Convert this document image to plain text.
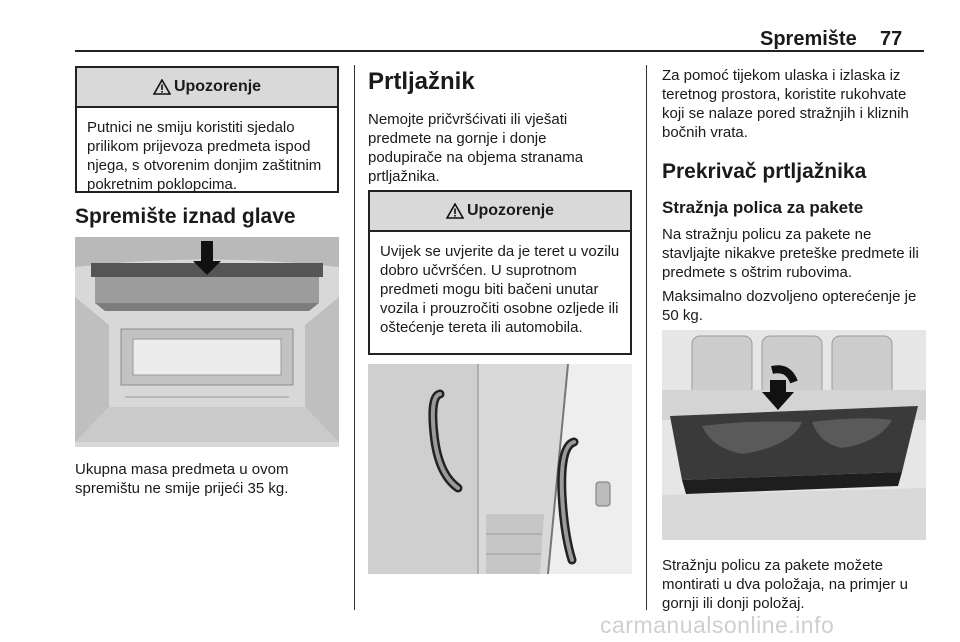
Spremište 77
Upozorenje
Putnici ne smiju koristiti sjedalo prilikom prijevoza predmeta ispod njega, s otvorenim donjim zaštitnim pokretnim poklopcima.
Spremište iznad glave
Ukupna masa predmeta u ovom spremištu ne smije prijeći 35 kg.
Prtljažnik
Nemojte pričvršćivati ili vješati predmete na gornje i donje podupirače na objema stranama prtljažnika.
Upozorenje
Uvijek se uvjerite da je teret u vozilu dobro učvršćen. U suprotnom predmeti mogu biti bačeni unutar vozila i prouzročiti osobne ozljede ili oštećenje tereta ili automobila.
Za pomoć tijekom ulaska i izlaska iz teretnog prostora, koristite rukohvate koji se nalaze pored stražnjih i kliznih bočnih vrata.
Prekrivač prtljažnika
Stražnja polica za pakete
Na stražnju policu za pakete ne stavljajte nikakve preteške predmete ili predmete s oštrim rubovima.
Maksimalno dozvoljeno opterećenje je 50 kg.
Stražnju policu za pakete možete montirati u dva položaja, na primjer u gornji ili donji položaj.
carmanualsonline.info
